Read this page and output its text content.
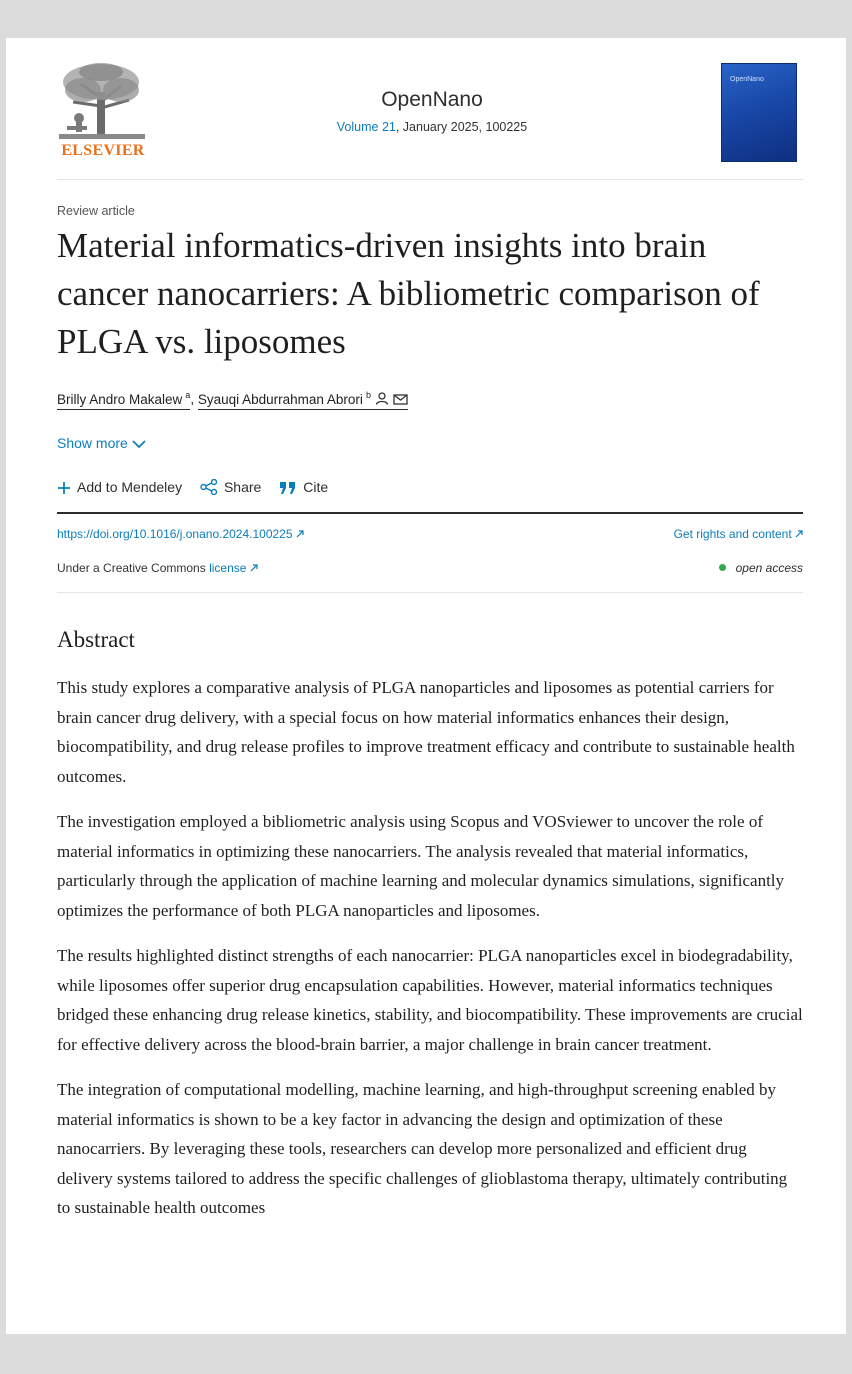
ELSEVIER
OpenNano
Volume 21, January 2025, 100225
OpenNano
Review article
Material informatics-driven insights into brain cancer nanocarriers: A bibliometric comparison of PLGA vs. liposomes
Brilly Andro Makalew $^a$, Syauqi Abdurrahman Abrori $^b$
Show more
Add to Mendeley	Share	Cite
https://doi.org/10.1016/j.onano.2024.100225	Get rights and content
Under a Creative Commons license	open access
Abstract

This study explores a comparative analysis of PLGA nanoparticles and liposomes as potential carriers for brain cancer drug delivery, with a special focus on how material informatics enhances their design, biocompatibility, and drug release profiles to improve treatment efficacy and contribute to sustainable health outcomes.

The investigation employed a bibliometric analysis using Scopus and VOSviewer to uncover the role of material informatics in optimizing these nanocarriers. The analysis revealed that material informatics, particularly through the application of machine learning and molecular dynamics simulations, significantly optimizes the performance of both PLGA nanoparticles and liposomes.

The results highlighted distinct strengths of each nanocarrier: PLGA nanoparticles excel in biodegradability, while liposomes offer superior drug encapsulation capabilities. However, material informatics techniques bridged these enhancing drug release kinetics, stability, and biocompatibility. These improvements are crucial for effective delivery across the blood-brain barrier, a major challenge in brain cancer treatment.

The integration of computational modelling, machine learning, and high-throughput screening enabled by material informatics is shown to be a key factor in advancing the design and optimization of these nanocarriers. By leveraging these tools, researchers can develop more personalized and efficient drug delivery systems tailored to address the specific challenges of glioblastoma therapy, ultimately contributing to sustainable health outcomes
